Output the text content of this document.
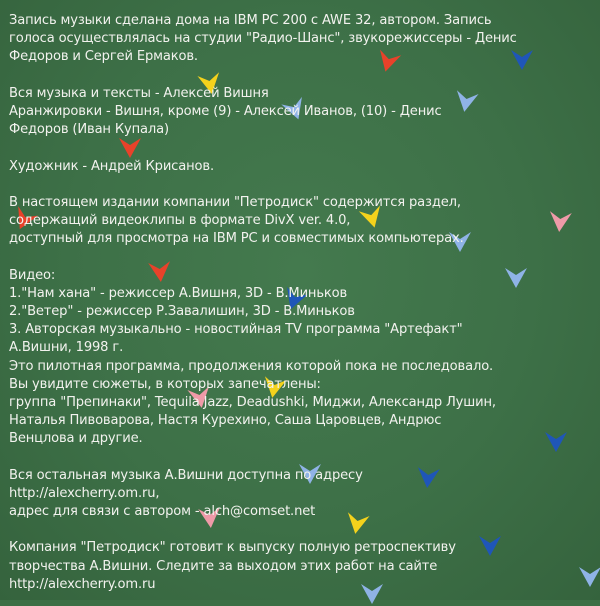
Запись музыки сделана дома на IBM PC 200 с AWE 32, автором. Запись
голоса осуществлялась на студии "Радио-Шанс", звукорежиссеры - Денис
Федоров и Сергей Ермаков.
Вся музыка и тексты - Алексей Вишня
Аранжировки - Вишня, кроме (9) - Алексей Иванов, (10) - Денис
Федоров (Иван Купала)
Художник - Андрей Крисанов.
В настоящем издании компании "Петродиск" содержится раздел,
содержащий видеоклипы в формате DivX ver. 4.0,
доступный для просмотра на IBM PC и совместимых компьютерах.
Видео:
1."Нам хана" - режиссер А.Вишня, 3D - В.Миньков
2."Ветер" - режиссер Р.Завалишин, 3D - В.Миньков
3. Авторская музыкально - новостийная TV программа "Артефакт"
А.Вишни, 1998 г.
Это пилотная программа, продолжения которой пока не последовало.
Вы увидите сюжеты, в которых запечатлены:
группа "Препинаки", Tequila Jazz, Deadushki, Миджи, Александр Лушин,
Наталья Пивоварова, Настя Курехино, Саша Царовцев, Андрюс
Венцлова и другие.
Вся остальная музыка А.Вишни доступна по адресу
http://alexcherry.om.ru,
адрес для связи с автором - alch@comset.net
Компания "Петродиск" готовит к выпуску полную ретроспективу
творчества А.Вишни. Следите за выходом этих работ на сайте
http://alexcherry.om.ru
